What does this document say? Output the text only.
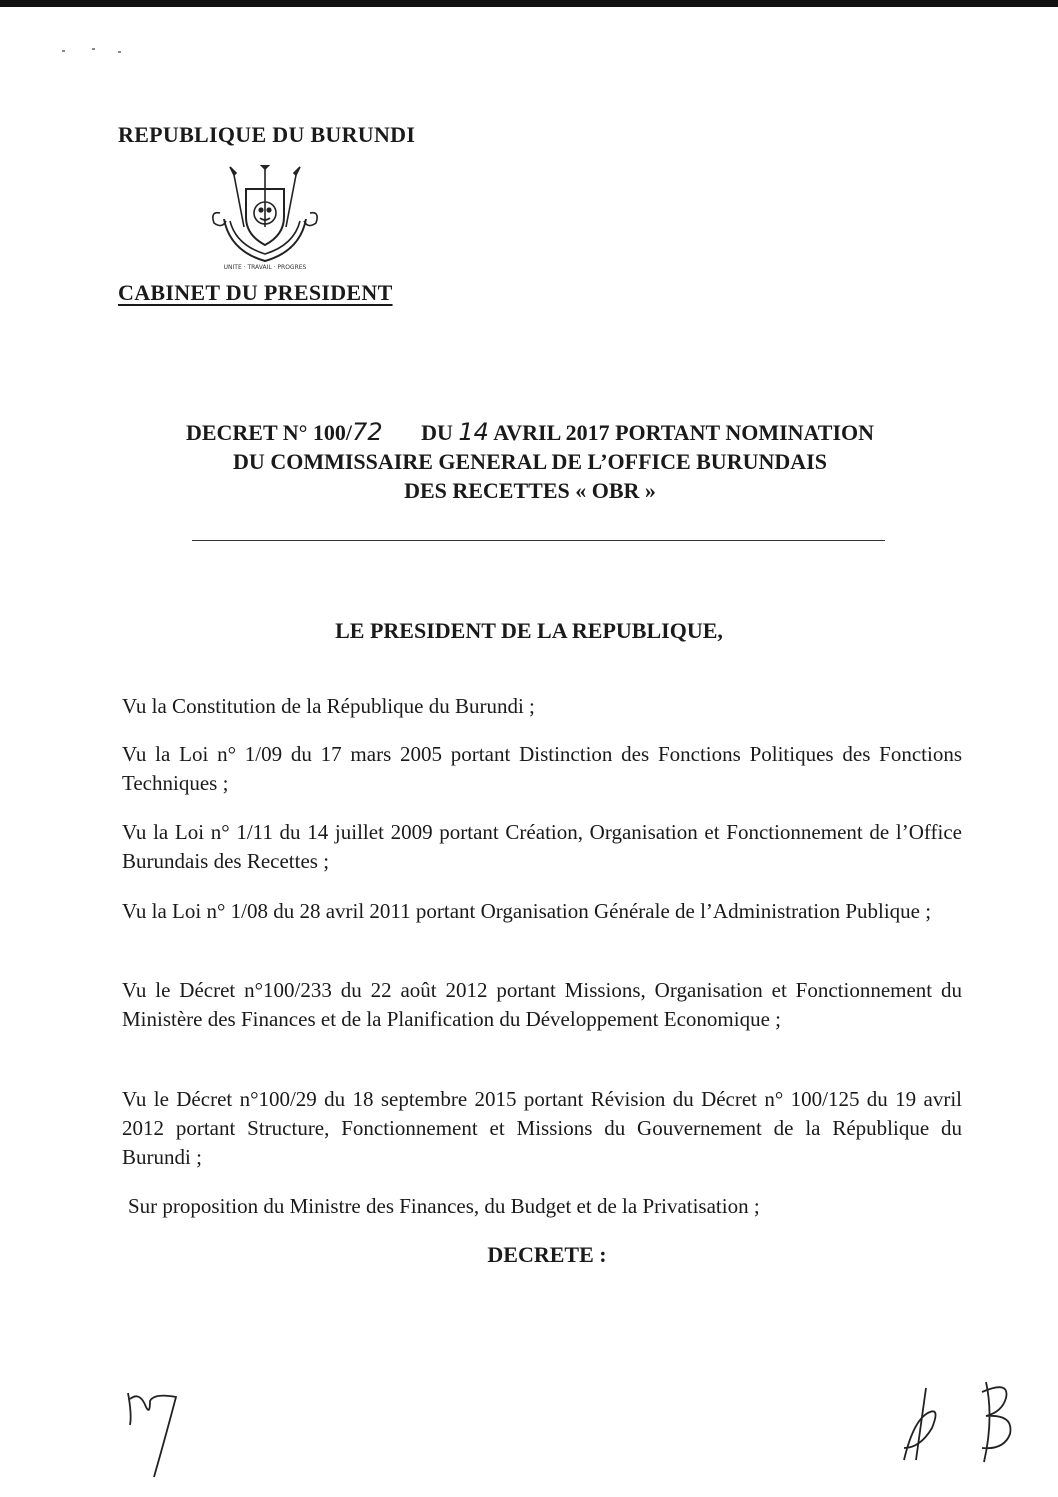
REPUBLIQUE DU BURUNDI
UNITE · TRAVAIL · PROGRES
CABINET DU PRESIDENT
DECRET N° 100/72 DU 14 AVRIL 2017 PORTANT NOMINATION
DU COMMISSAIRE GENERAL DE L’OFFICE BURUNDAIS
DES RECETTES « OBR »
LE PRESIDENT DE LA REPUBLIQUE,
Vu la Constitution de la République du Burundi ;
Vu la Loi n° 1/09 du 17 mars 2005 portant Distinction des Fonctions Politiques des Fonctions Techniques ;
Vu la Loi n° 1/11 du 14 juillet 2009 portant Création, Organisation et Fonctionnement de l’Office Burundais des Recettes ;
Vu la Loi n° 1/08 du 28 avril 2011 portant Organisation Générale de l’Administration Publique ;
Vu le Décret n°100/233 du 22 août 2012 portant Missions, Organisation et Fonctionnement du Ministère des Finances et de la Planification du Développement Economique ;
Vu le Décret n°100/29 du 18 septembre 2015 portant Révision du Décret n° 100/125 du 19 avril 2012 portant Structure, Fonctionnement et Missions du Gouvernement de la République du Burundi ;
Sur proposition du Ministre des Finances, du Budget et de la Privatisation ;
DECRETE :
